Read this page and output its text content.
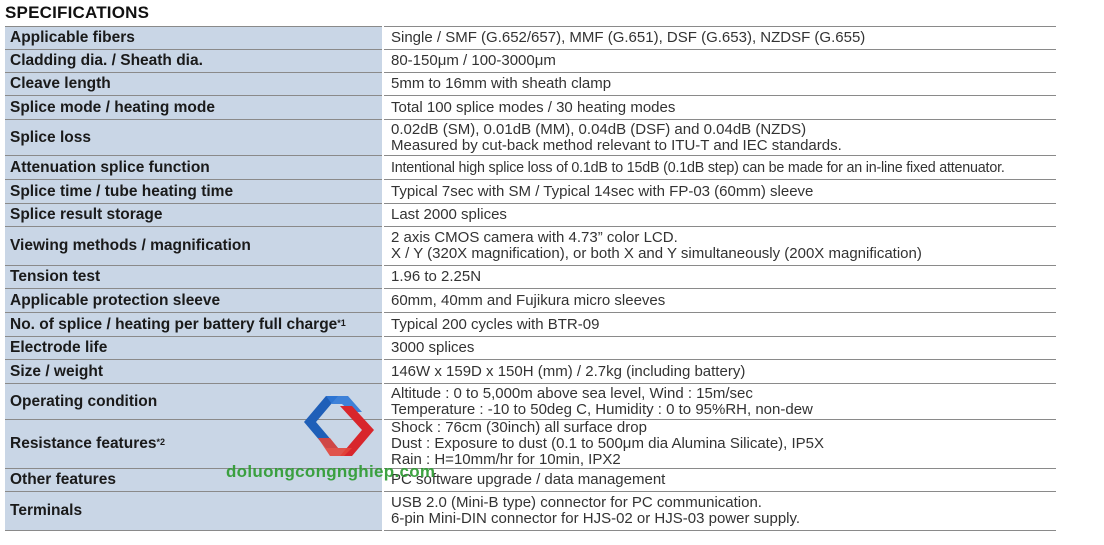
SPECIFICATIONS
Applicable fibers	Single / SMF (G.652/657), MMF (G.651), DSF (G.653), NZDSF (G.655)

Cladding dia. / Sheath dia.	80-150μm / 100-3000μm

Cleave length	5mm to 16mm with sheath clamp

Splice mode / heating mode	Total 100 splice modes / 30 heating modes

Splice loss	0.02dB (SM), 0.01dB (MM), 0.04dB (DSF) and 0.04dB (NZDS)
Measured by cut-back method relevant to ITU-T and IEC standards.

Attenuation splice function	Intentional high splice loss of 0.1dB to 15dB (0.1dB step) can be made for an in-line fixed attenuator.

Splice time / tube heating time	Typical 7sec with SM / Typical 14sec with FP-03 (60mm) sleeve

Splice result storage	Last 2000 splices

Viewing methods / magnification	2 axis CMOS camera with 4.73” color LCD.
X / Y (320X magnification), or both X and Y simultaneously (200X magnification)

Tension test	1.96 to 2.25N

Applicable protection sleeve	60mm, 40mm and Fujikura micro sleeves

No. of splice / heating per battery full charge$^{*1}$	Typical 200 cycles with BTR-09

Electrode life	3000 splices

Size / weight	146W x 159D x 150H (mm) / 2.7kg (including battery)

Operating condition	Altitude : 0 to 5,000m above sea level, Wind : 15m/sec
Temperature : -10 to 50deg C, Humidity : 0 to 95%RH, non-dew

Resistance features$^{*2}$	Shock : 76cm (30inch) all surface drop
Dust : Exposure to dust (0.1 to 500μm dia Alumina Silicate), IP5X
Rain : H=10mm/hr for 10min, IPX2

Other features	PC software upgrade / data management

Terminals	USB 2.0 (Mini-B type) connector for PC communication.
6-pin Mini-DIN connector for HJS-02 or HJS-03 power supply.
doluongcongnghiep.com
